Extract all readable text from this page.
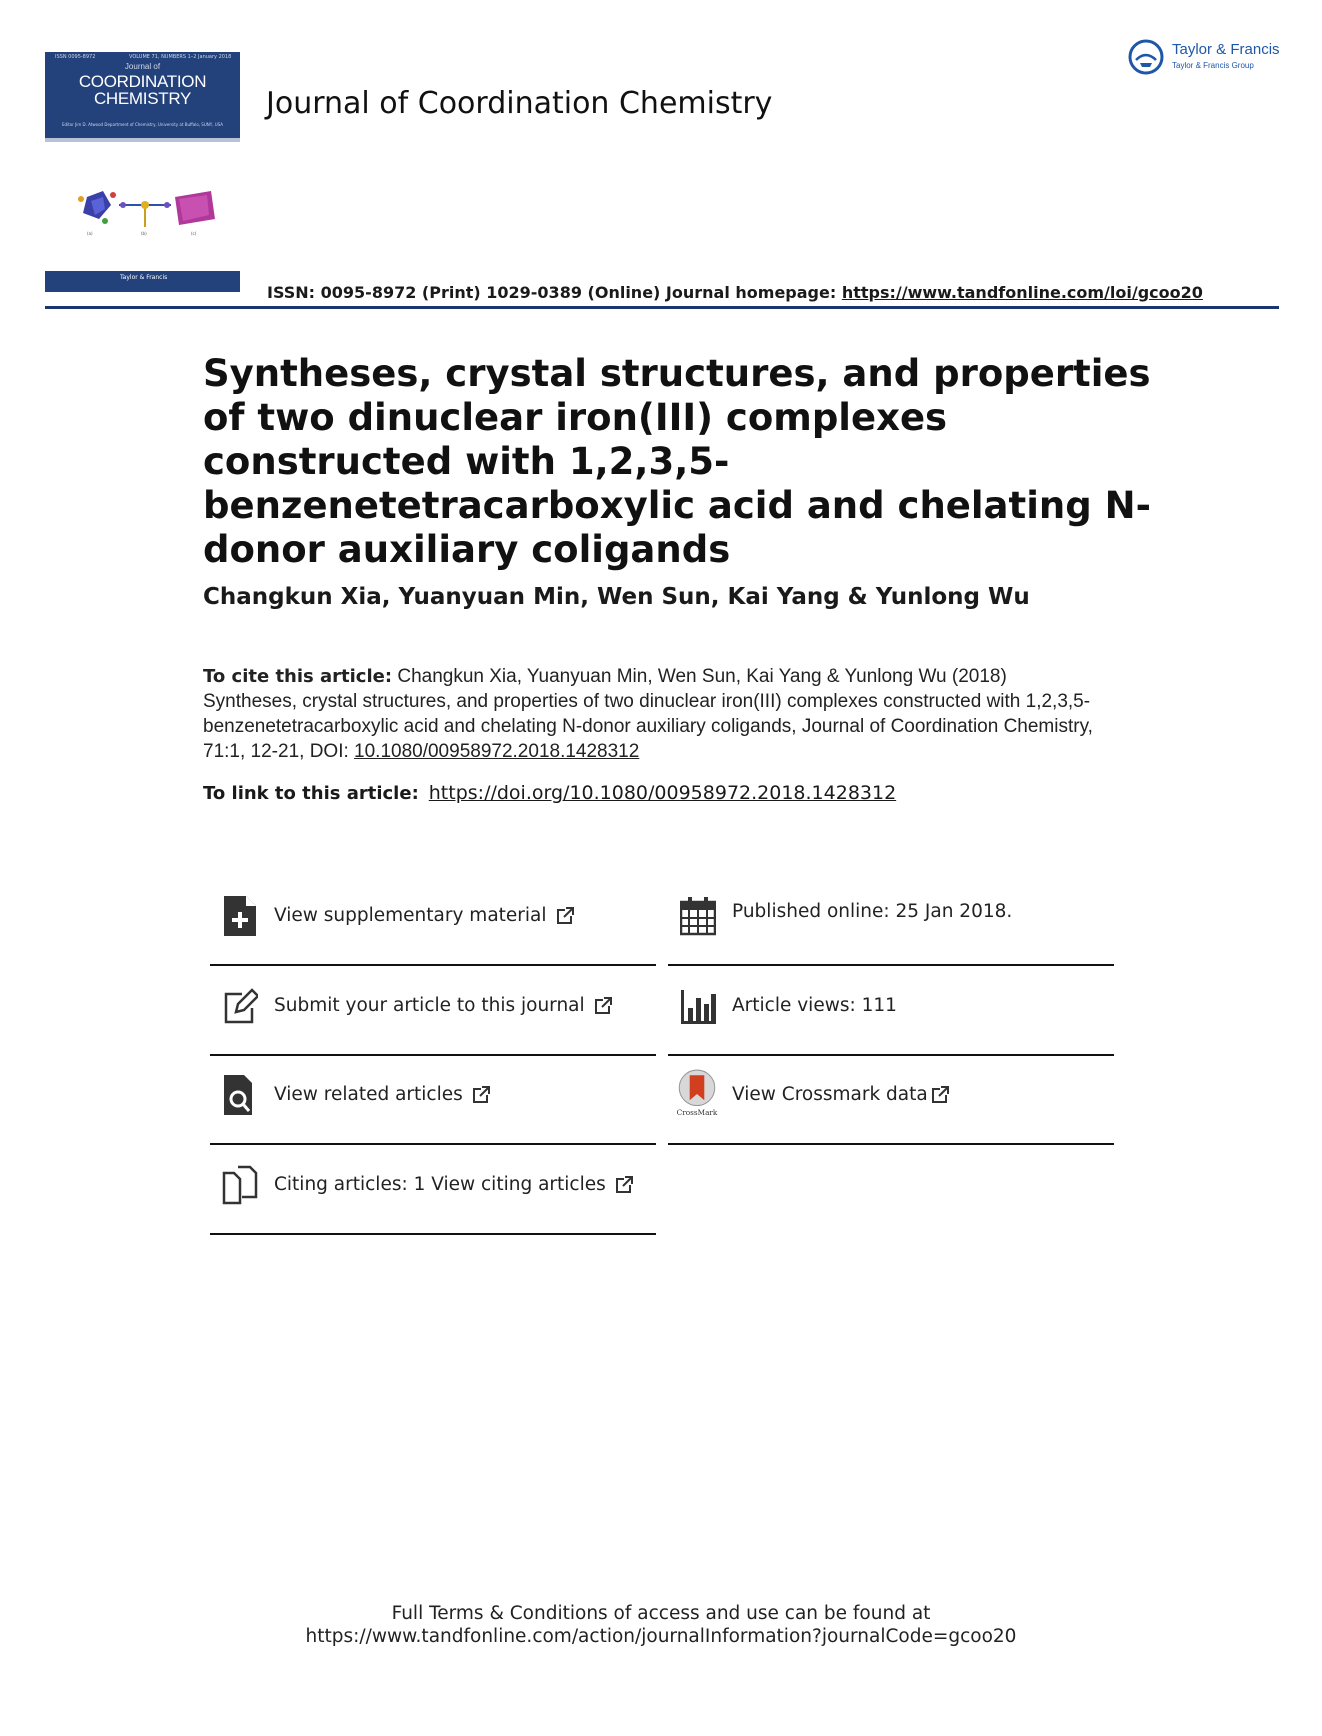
ISSN 0095-8972	VOLUME 71, NUMBERS 1–2 January 2018
Journal of
COORDINATION
CHEMISTRY
Editor Jim D. Atwood Department of Chemistry, University at Buffalo, SUNY, USA
(a)	(b)	(c)
Taylor & Francis
Journal of Coordination Chemistry
Taylor & Francis
Taylor & Francis Group
ISSN: 0095-8972 (Print) 1029-0389 (Online) Journal homepage: https://www.tandfonline.com/loi/gcoo20
Syntheses, crystal structures, and properties of two dinuclear iron(III) complexes constructed with 1,2,3,5-benzenetetracarboxylic acid and chelating N-donor auxiliary coligands
Changkun Xia, Yuanyuan Min, Wen Sun, Kai Yang & Yunlong Wu
To cite this article: Changkun Xia, Yuanyuan Min, Wen Sun, Kai Yang & Yunlong Wu (2018) Syntheses, crystal structures, and properties of two dinuclear iron(III) complexes constructed with 1,2,3,5-benzenetetracarboxylic acid and chelating N-donor auxiliary coligands, Journal of Coordination Chemistry, 71:1, 12-21, DOI: 10.1080/00958972.2018.1428312
To link to this article: https://doi.org/10.1080/00958972.2018.1428312
View supplementary material	Published online: 25 Jan 2018.
Submit your article to this journal	Article views: 111
View related articles
CrossMark
View Crossmark data
Citing articles: 1 View citing articles
Full Terms & Conditions of access and use can be found at
https://www.tandfonline.com/action/journalInformation?journalCode=gcoo20
